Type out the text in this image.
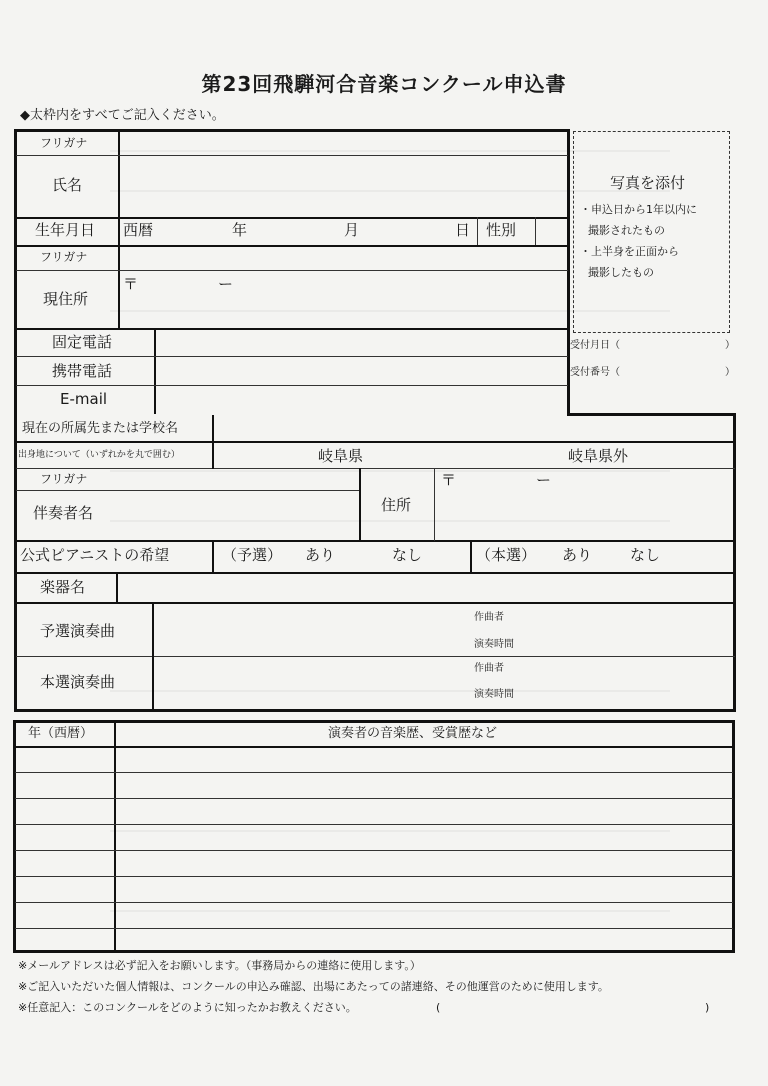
第23回飛騨河合音楽コンクール申込書
◆太枠内をすべてご記入ください。
フリガナ
氏名
生年月日 西暦	年	月	日 性別
フリガナ
現住所
〒	ー
固定電話
携帯電話
E-mail
写真を添付
・申込日から1年以内に
撮影されたもの
・上半身を正面から
撮影したもの
受付月日（	）
受付番号（	）
現在の所属先または学校名
出身地について（いずれかを丸で囲む）	岐阜県	岐阜県外
フリガナ
伴奏者名	住所
〒	ー
公式ピアニストの希望	（予選） あり	なし	（本選） あり	なし
楽器名
予選演奏曲
作曲者
演奏時間
本選演奏曲
作曲者
演奏時間
年（西暦）	演奏者の音楽歴、受賞歴など
※メールアドレスは必ず記入をお願いします。（事務局からの連絡に使用します。）
※ご記入いただいた個人情報は、コンクールの申込み確認、出場にあたっての諸連絡、その他運営のために使用します。
※任意記入：このコンクールをどのように知ったかお教えください。	(	)
